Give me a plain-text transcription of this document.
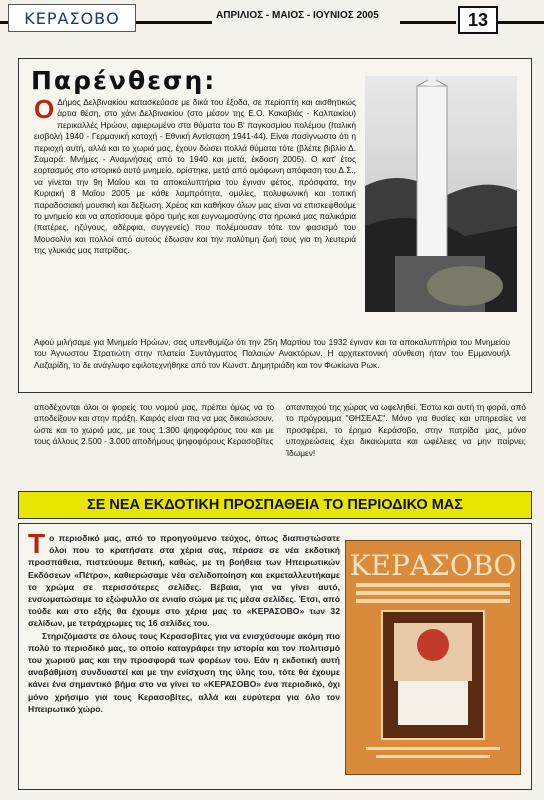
ΚΕΡΑΣΟΒΟ	ΑΠΡΙΛΙΟΣ - ΜΑΙΟΣ - ΙΟΥΝΙΟΣ 2005	13
Παρένθεση:
Ο Δήμος Δελβινακίου κατασκεύασε με δικά του έξοδα, σε περίοπτη και αισθητικώς άρτια θέση, στο χάνι Δελβινακίου (στο μέσον της Ε.Ο. Κακαβιάς - Καλπακίου) περικαλλές Ηρώον, αφιερωμένο στα θύματα του Β' παγκοσμίου πολέμου (Ιταλική εισβολή 1940 - Γερμανική κατοχή - Εθνική Αντίσταση 1941-44). Είναι πασίγνωστο ότι η περιοχή αυτή, αλλά και το χωριό μας, έχουν δώσει πολλά θύματα τότε (βλέπε βιβλίο Δ. Σαμαρά: Μνήμες - Αναμνήσεις από το 1940 και μετά, έκδοση 2005). Ο κατ' έτος εορτασμός στο ιστορικό αυτό μνημείο, ορίστηκε, μετά από ομόφωνη απόφαση του Δ.Σ., να γίνεται την 9η Μαΐου και τα αποκαλυπτήρια του έγιναν φέτος, πρόσφατα, την Κυριακή 8 Μαΐου 2005 με κάθε λαμπρότητα, ομιλίες, πολυφωνική και τοπική παραδοσιακή μουσική και δεξίωση. Χρέος και καθήκον όλων μας είναι να επισκεφθούμε το μνημείο και να αποτίσουμε φόρο τιμής και ευγνωμοσύνης στα ηρωικά μας παλικάρια (πατέρες, ηζύγους, αδέρφια, συγγενείς) που πολέμουσαν τότε τον φασισμό του Μουσολίνι και πολλοί από αυτούς έδωσαν και την πολύτιμη ζωή τους για τη λευτεριά της γλυκιάς μας πατρίδας.
Αφού μιλήσαμε για Μνημείο Ηρώων, σας υπενθυμίζω ότι την 25η Μαρτίου του 1932 έγιναν και τα αποκαλυπτήρια του Μνημείου του Άγνωστου Στρατιώτη στην πλατεία Συντάγματος Παλαιών Ανακτόρων. Η αρχιτεκτονική σύνθεση ήταν του Εμμανουήλ Λαζαρίδη, το δε ανάγλυφο εφιλοτεχνήθηκε από τον Κωνστ. Δημητριάδη και τον Φωκίωνα Ρωκ.
αποδέχονται όλοι οι φορείς του νομού μας, πρέπει όμως να το αποδείξουν και στην πράξη. Καιρός είναι πια να μας δικαιώσουν, ώστε και το χωριό μας, με τους 1.300 ψηφοφόρους του και με τους άλλους 2.500 - 3.000 αποδήμους ψηφοφόρους Κερασοβίτες
απανταχού της χώρας να ωφεληθεί. Έστω και αυτή τη φορά, από το πρόγραμμα "ΘΗΣΕΑΣ". Μόνο για θυσίες και υπηρεσίες να προσφέρει, το έρημο Κεράσοβο, στην πατρίδα μας, μόνο υποχρεώσεις έχει δικαιώματα και ωφέλειες να μην παίρνει; Ίδωμεν!
ΣΕ ΝΕΑ ΕΚΔΟΤΙΚΗ ΠΡΟΣΠΑΘΕΙΑ ΤΟ ΠΕΡΙΟΔΙΚΟ ΜΑΣ

Το περιοδικό μας, από το προηγούμενο τεύχος, όπως διαπιστώσατε όλοι που το κρατήσατε στα χέρια σας, πέρασε σε νέα εκδοτική προσπάθεια, πιστεύουμε θετική, καθώς, με τη βοήθεια των Ηπειρωτικών Εκδόσεων «Πέτρο», καθιερώσαμε νέα σελιδοποίηση και εκμεταλλευτήκαμε το χρώμα σε περισσότερες σελίδες. Βέβαια, για να γίνει αυτό, ενσωματώσαμε το εξώφυλλο σε ενιαίο σώμα με τις μέσα σελίδες. Έτσι, από τούδε και στο εξής θα έχουμε στο χέρια μας το «ΚΕΡΑΣΟΒΟ» των 32 σελίδων, με τετράχρωμες τις 16 σελίδες του.

Στηριζόμαστε σε όλους τους Κερασοβίτες για να ενισχύσουμε ακόμη πιο πολύ το περιοδικό μας, το οποίο καταγράφει την ιστορία και τον πολιτισμό του χωριού μας και την προσφορά των φορέων του. Εάν η εκδοτική αυτή αναβάθμιση συνδυαστεί και με την ενίσχυση της ύλης του, τότε θα έχουμε κάνει ένα σημαντικό βήμα στο να γίνει το «ΚΕΡΑΣΟΒΟ» ένα περιοδικό, όχι μόνο χρήσιμο για τους Κερασοβίτες, αλλά και ευρύτερα για όλο τον Ηπειρωτικό χώρο.

ΚΕΡΑΣΟΒΟ
